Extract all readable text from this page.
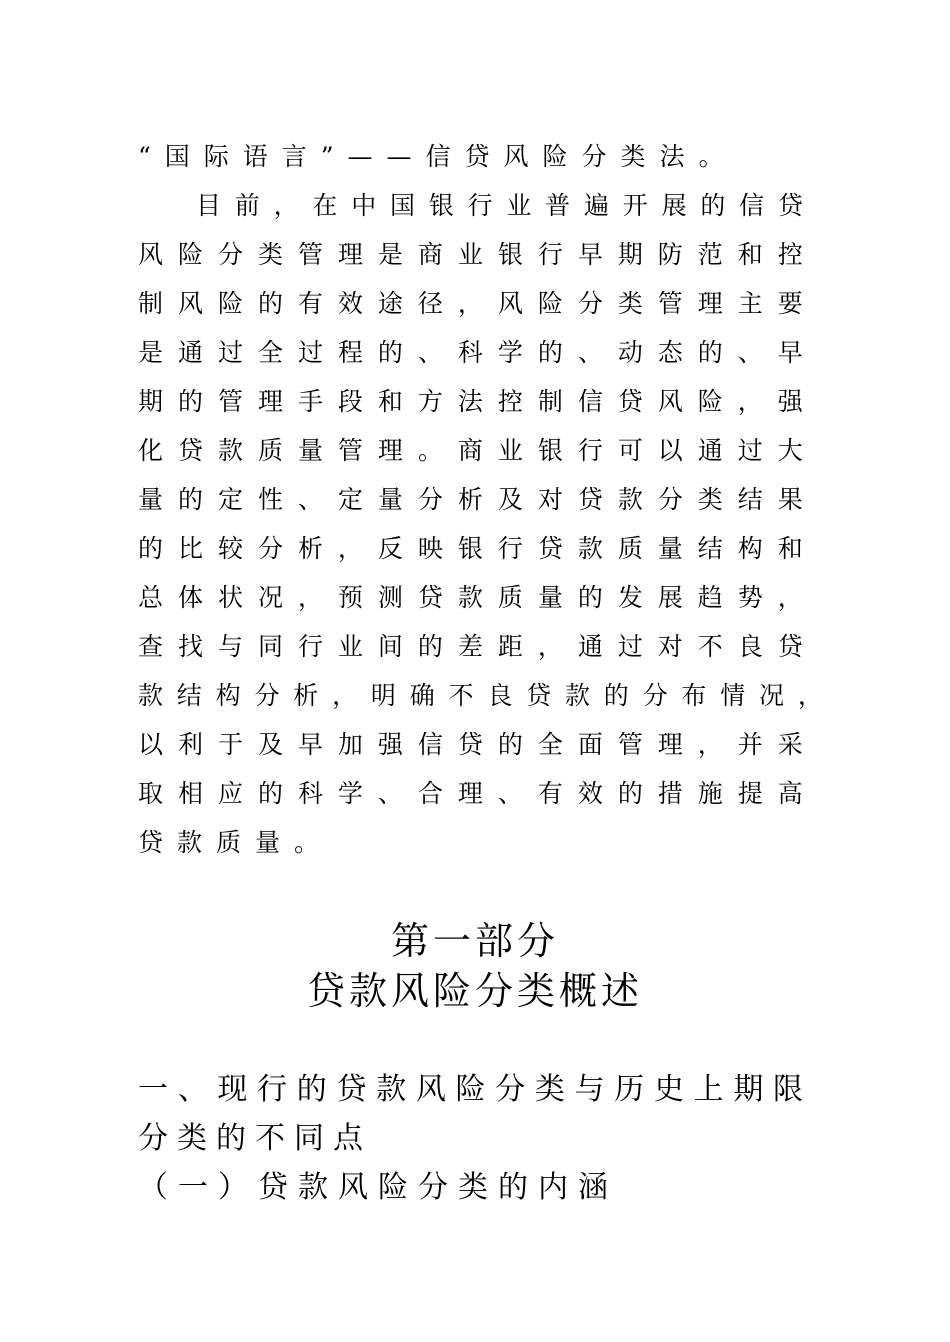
“国际语言”——信贷风险分类法。
目 前 ， 在 中 国 银 行 业 普 遍 开 展 的 信 贷
风 险 分 类 管 理 是 商 业 银 行 早 期 防 范 和 控
制 风 险 的 有 效 途 径 ， 风 险 分 类 管 理 主 要
是 通 过 全 过 程 的 、 科 学 的 、 动 态 的 、 早
期 的 管 理 手 段 和 方 法 控 制 信 贷 风 险 ， 强
化 贷 款 质 量 管 理 。 商 业 银 行 可 以 通 过 大
量 的 定 性 、 定 量 分 析 及 对 贷 款 分 类 结 果
的 比 较 分 析 ， 反 映 银 行 贷 款 质 量 结 构 和
总 体 状 况 ， 预 测 贷 款 质 量 的 发 展 趋 势 ，
查 找 与 同 行 业 间 的 差 距 ， 通 过 对 不 良 贷
款 结 构 分 析 ， 明 确 不 良 贷 款 的 分 布 情 况 ，
以 利 于 及 早 加 强 信 贷 的 全 面 管 理 ， 并 采
取 相 应 的 科 学 、 合 理 、 有 效 的 措 施 提 高
贷款质量。
第一部分
贷款风险分类概述
一 、 现 行 的 贷 款 风 险 分 类 与 历 史 上 期 限
分类的不同点
（一）贷款风险分类的内涵
